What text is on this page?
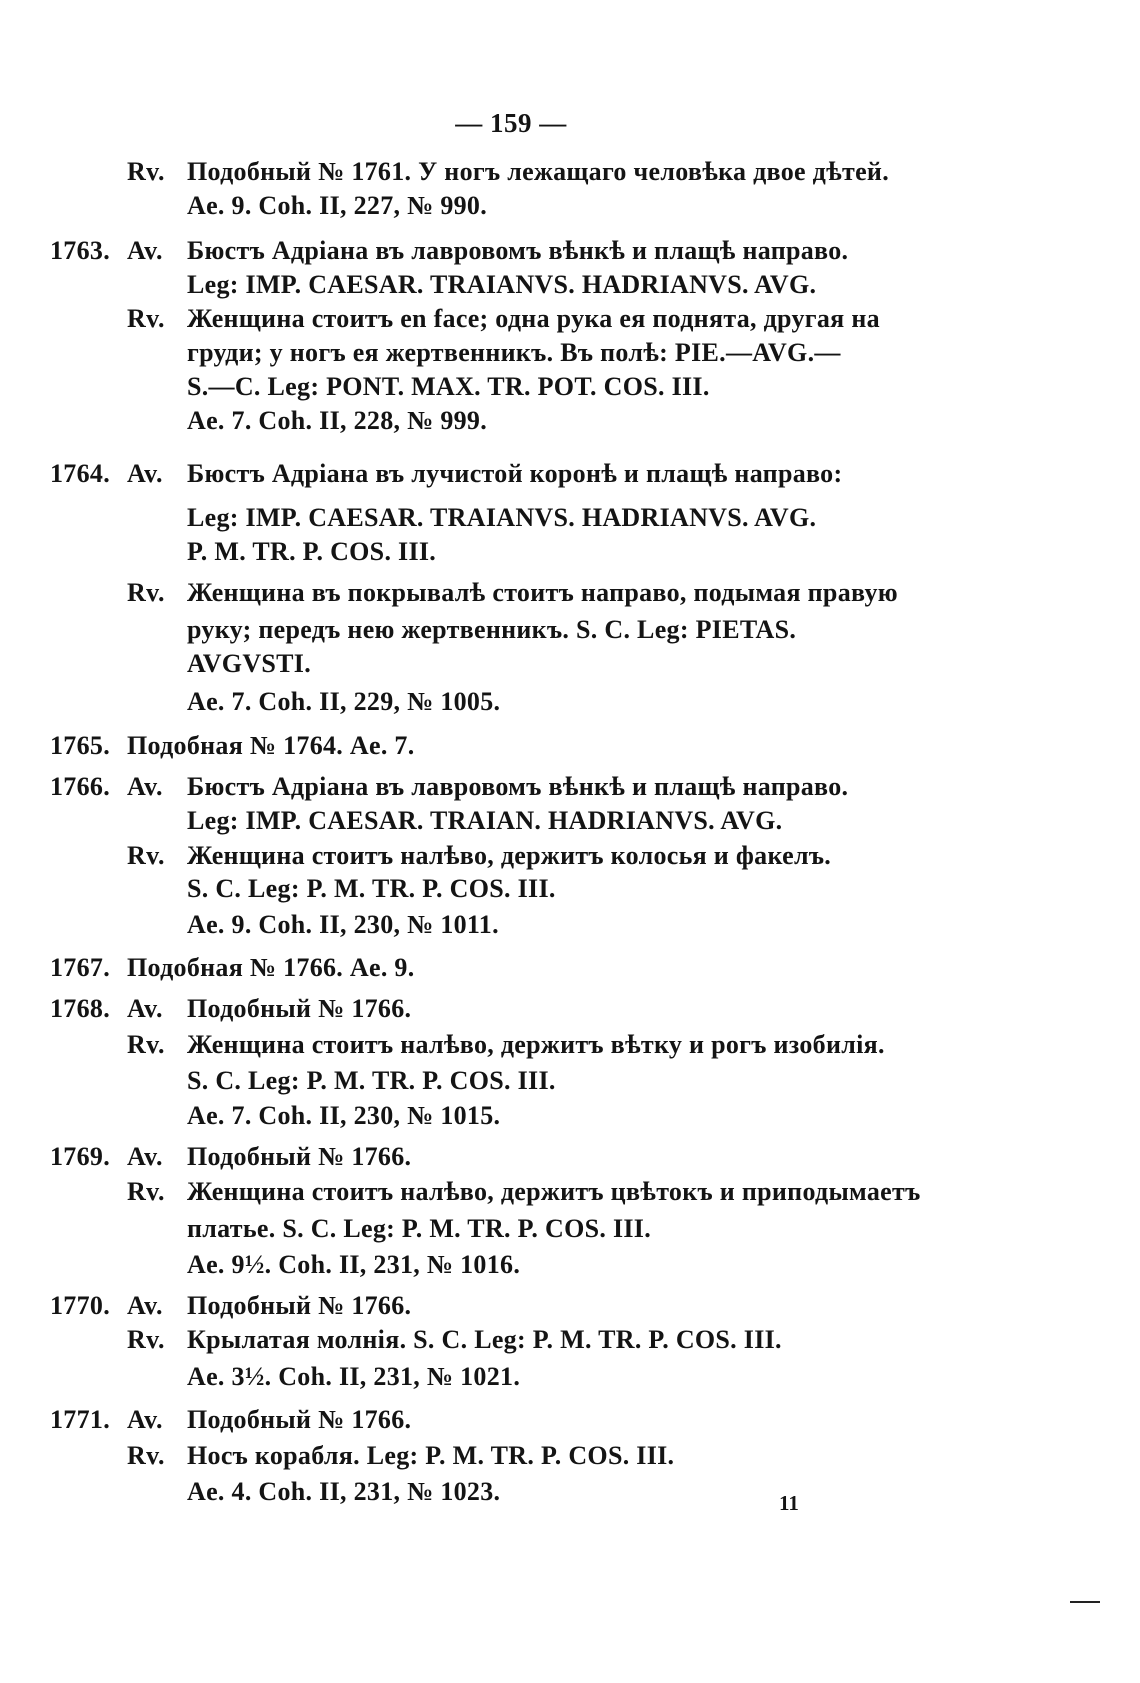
— 159 —
Rv. Подобный № 1761. У ногъ лежащаго человѣка двое дѣтей.
Ae. 9. Coh. II, 227, № 990.
1763. Av. Бюстъ Адріана въ лавровомъ вѣнкѣ и плащѣ направо.
Leg: IMP. CAESAR. TRAIANVS. HADRIANVS. AVG.
Rv. Женщина стоитъ en face; одна рука ея поднята, другая на
груди; у ногъ ея жертвенникъ. Въ полѣ: PIE.—AVG.—
S.—C. Leg: PONT. MAX. TR. POT. COS. III.
Ae. 7. Coh. II, 228, № 999.
1764. Av. Бюстъ Адріана въ лучистой коронѣ и плащѣ направо:
Leg: IMP. CAESAR. TRAIANVS. HADRIANVS. AVG.
P. M. TR. P. COS. III.
Rv. Женщина въ покрывалѣ стоитъ направо, подымая правую
руку; передъ нею жертвенникъ. S. C. Leg: PIETAS.
AVGVSTI.
Ae. 7. Coh. II, 229, № 1005.
1765. Подобная № 1764. Ae. 7.
1766. Av. Бюстъ Адріана въ лавровомъ вѣнкѣ и плащѣ направо.
Leg: IMP. CAESAR. TRAIAN. HADRIANVS. AVG.
Rv. Женщина стоитъ налѣво, держитъ колосья и факелъ.
S. C. Leg: P. M. TR. P. COS. III.
Ae. 9. Coh. II, 230, № 1011.
1767. Подобная № 1766. Ae. 9.
1768. Av. Подобный № 1766.
Rv. Женщина стоитъ налѣво, держитъ вѣтку и рогъ изобилія.
S. C. Leg: P. M. TR. P. COS. III.
Ae. 7. Coh. II, 230, № 1015.
1769. Av. Подобный № 1766.
Rv. Женщина стоитъ налѣво, держитъ цвѣтокъ и приподымаетъ
платье. S. C. Leg: P. M. TR. P. COS. III.
Ae. 9½. Coh. II, 231, № 1016.
1770. Av. Подобный № 1766.
Rv. Крылатая молнія. S. C. Leg: P. M. TR. P. COS. III.
Ae. 3½. Coh. II, 231, № 1021.
1771. Av. Подобный № 1766.
Rv. Носъ корабля. Leg: P. M. TR. P. COS. III.
Ae. 4. Coh. II, 231, № 1023.	11
